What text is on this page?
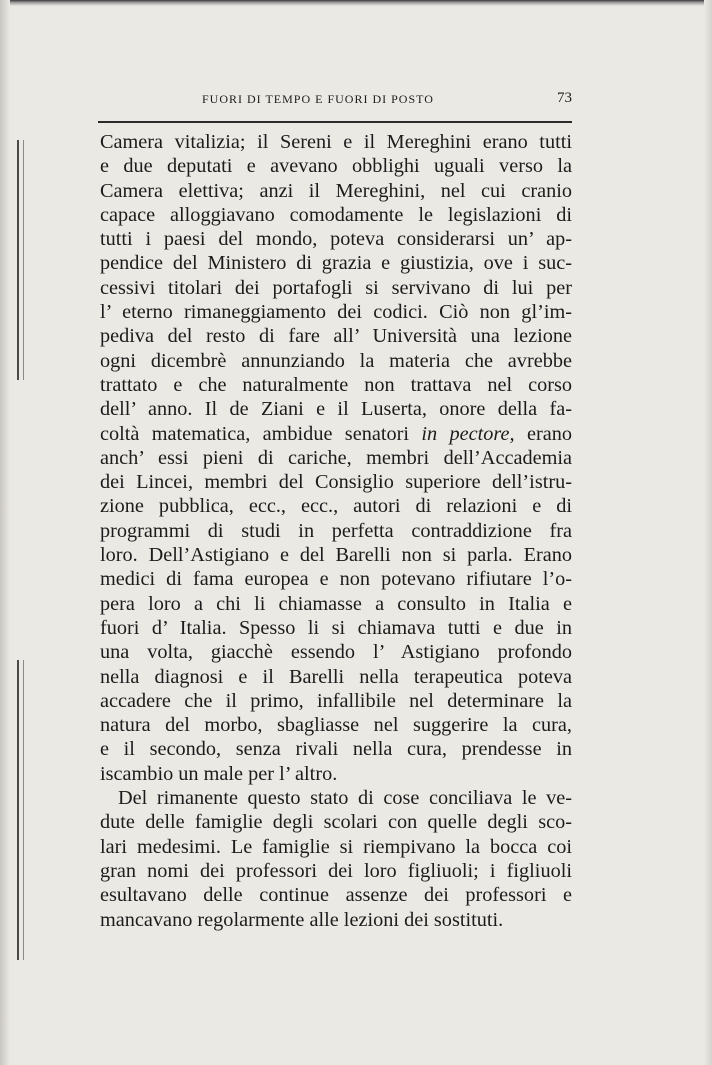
FUORI DI TEMPO E FUORI DI POSTO	73
Camera vitalizia; il Sereni e il Mereghini erano tutti
e due deputati e avevano obblighi uguali verso la
Camera elettiva; anzi il Mereghini, nel cui cranio
capace alloggiavano comodamente le legislazioni di
tutti i paesi del mondo, poteva considerarsi un’ ap-
pendice del Ministero di grazia e giustizia, ove i suc-
cessivi titolari dei portafogli si servivano di lui per
l’ eterno rimaneggiamento dei codici. Ciò non gl’im-
pediva del resto di fare all’ Università una lezione
ogni dicembrè annunziando la materia che avrebbe
trattato e che naturalmente non trattava nel corso
dell’ anno. Il de Ziani e il Luserta, onore della fa-
coltà matematica, ambidue senatori in pectore, erano
anch’ essi pieni di cariche, membri dell’Accademia
dei Lincei, membri del Consiglio superiore dell’istru-
zione pubblica, ecc., ecc., autori di relazioni e di
programmi di studi in perfetta contraddizione fra
loro. Dell’Astigiano e del Barelli non si parla. Erano
medici di fama europea e non potevano rifiutare l’o-
pera loro a chi li chiamasse a consulto in Italia e
fuori d’ Italia. Spesso li si chiamava tutti e due in
una volta, giacchè essendo l’ Astigiano profondo
nella diagnosi e il Barelli nella terapeutica poteva
accadere che il primo, infallibile nel determinare la
natura del morbo, sbagliasse nel suggerire la cura,
e il secondo, senza rivali nella cura, prendesse in
iscambio un male per l’ altro.
Del rimanente questo stato di cose conciliava le ve-
dute delle famiglie degli scolari con quelle degli sco-
lari medesimi. Le famiglie si riempivano la bocca coi
gran nomi dei professori dei loro figliuoli; i figliuoli
esultavano delle continue assenze dei professori e
mancavano regolarmente alle lezioni dei sostituti.
